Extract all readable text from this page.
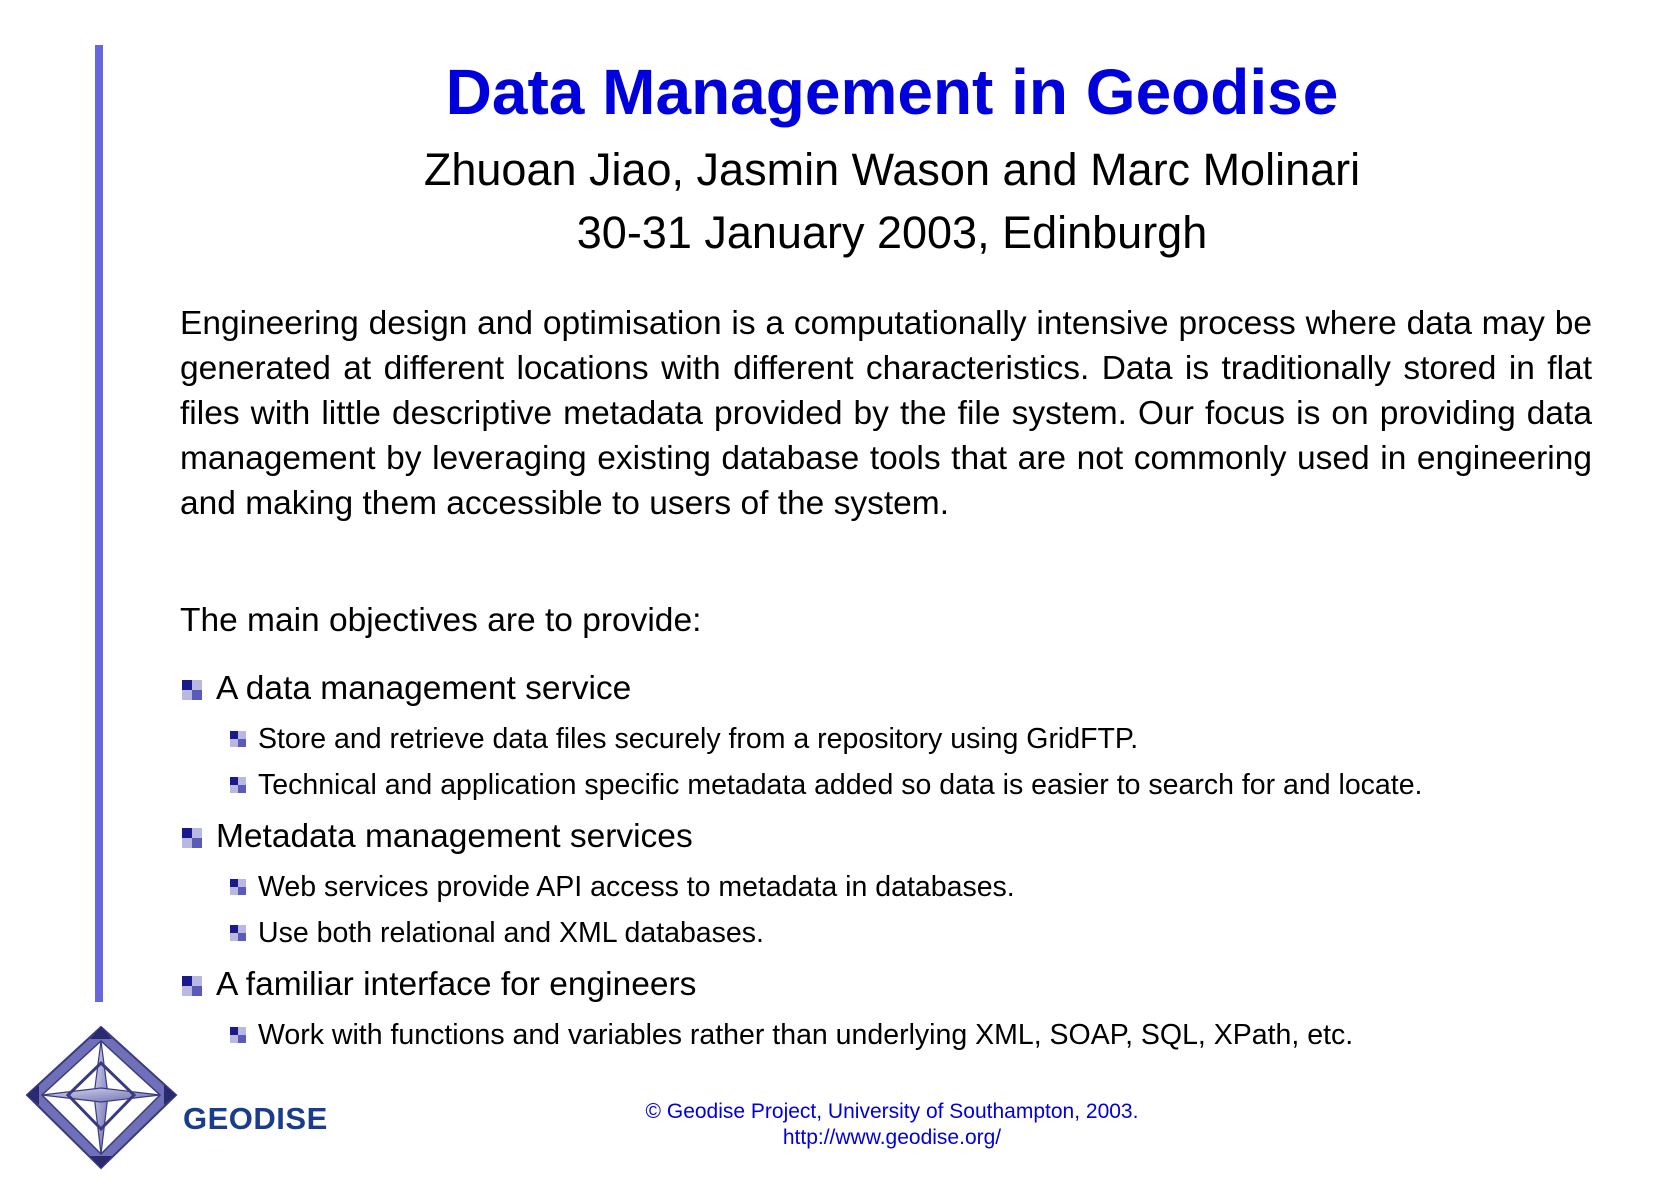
Data Management in Geodise
Zhuoan Jiao, Jasmin Wason and Marc Molinari
30-31 January 2003, Edinburgh
Engineering design and optimisation is a computationally intensive process where data may be generated at different locations with different characteristics. Data is traditionally stored in flat files with little descriptive metadata provided by the file system. Our focus is on providing data management by leveraging existing database tools that are not commonly used in engineering and making them accessible to users of the system.
The main objectives are to provide:
A data management service
Store and retrieve data files securely from a repository using GridFTP.
Technical and application specific metadata added so data is easier to search for and locate.
Metadata management services
Web services provide API access to metadata in databases.
Use both relational and XML databases.
A familiar interface for engineers
Work with functions and variables rather than underlying XML, SOAP, SQL, XPath, etc.
GEODISE	© Geodise Project, University of Southampton, 2003.
http://www.geodise.org/
